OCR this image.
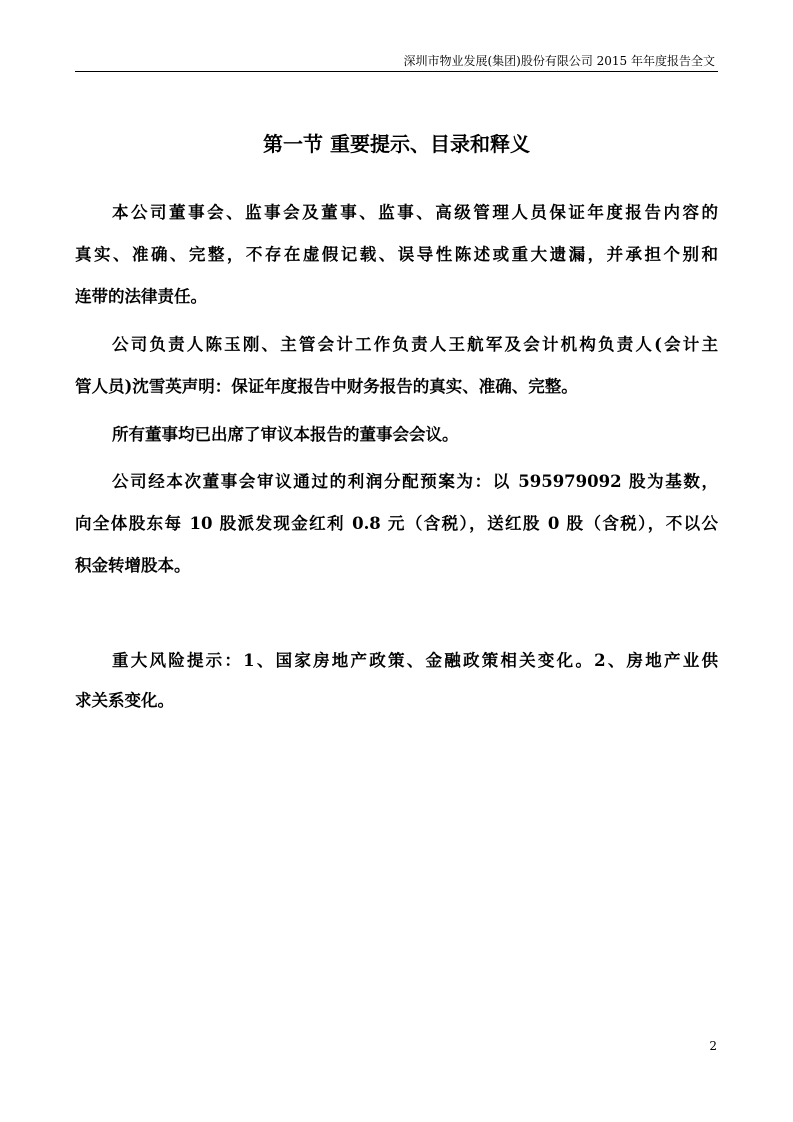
深圳市物业发展(集团)股份有限公司 2015 年年度报告全文
第一节 重要提示、目录和释义
本公司董事会、监事会及董事、监事、高级管理人员保证年度报告内容的
真实、准确、完整，不存在虚假记载、误导性陈述或重大遗漏，并承担个别和
连带的法律责任。
公司负责人陈玉刚、主管会计工作负责人王航军及会计机构负责人(会计主
管人员)沈雪英声明：保证年度报告中财务报告的真实、准确、完整。
所有董事均已出席了审议本报告的董事会会议。
公司经本次董事会审议通过的利润分配预案为：以 595979092 股为基数，
向全体股东每 10 股派发现金红利 0.8 元（含税），送红股 0 股（含税），不以公
积金转增股本。
重大风险提示：1、国家房地产政策、金融政策相关变化。2、房地产业供
求关系变化。
2
